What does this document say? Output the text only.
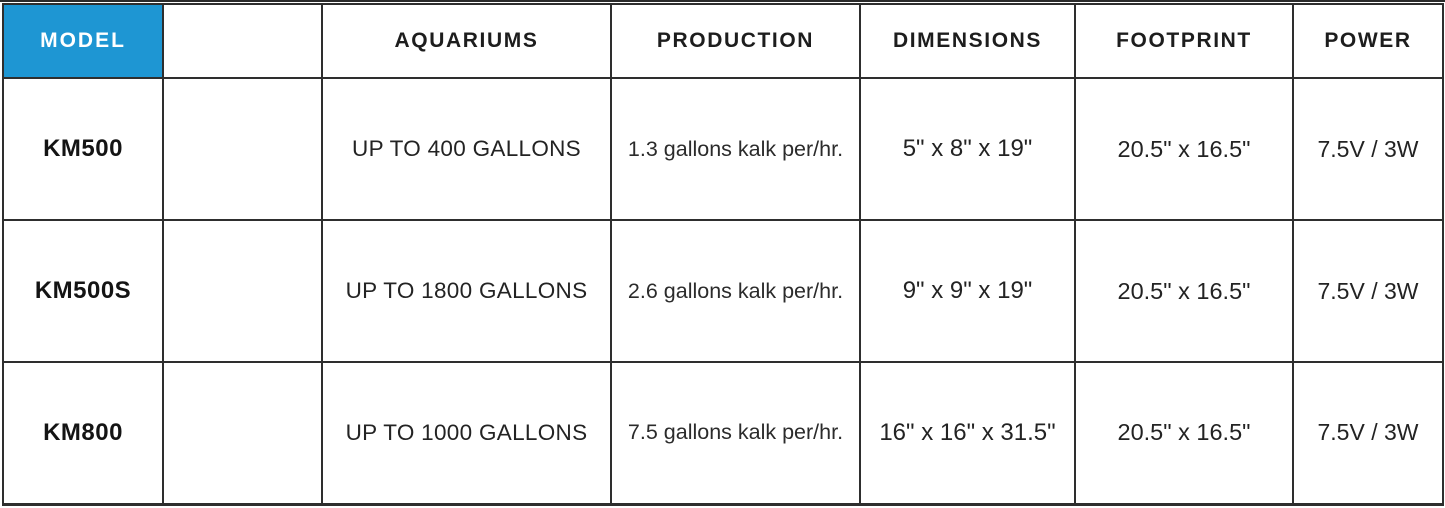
MODEL		AQUARIUMS	PRODUCTION	DIMENSIONS	FOOTPRINT	POWER
KM500		UP TO 400 GALLONS	1.3 gallons kalk per/hr.	5" x 8" x 19"	20.5" x 16.5"	7.5V / 3W
KM500S		UP TO 1800 GALLONS	2.6 gallons kalk per/hr.	9" x 9" x 19"	20.5" x 16.5"	7.5V / 3W
KM800		UP TO 1000 GALLONS	7.5 gallons kalk per/hr.	16" x 16" x 31.5"	20.5" x 16.5"	7.5V / 3W
